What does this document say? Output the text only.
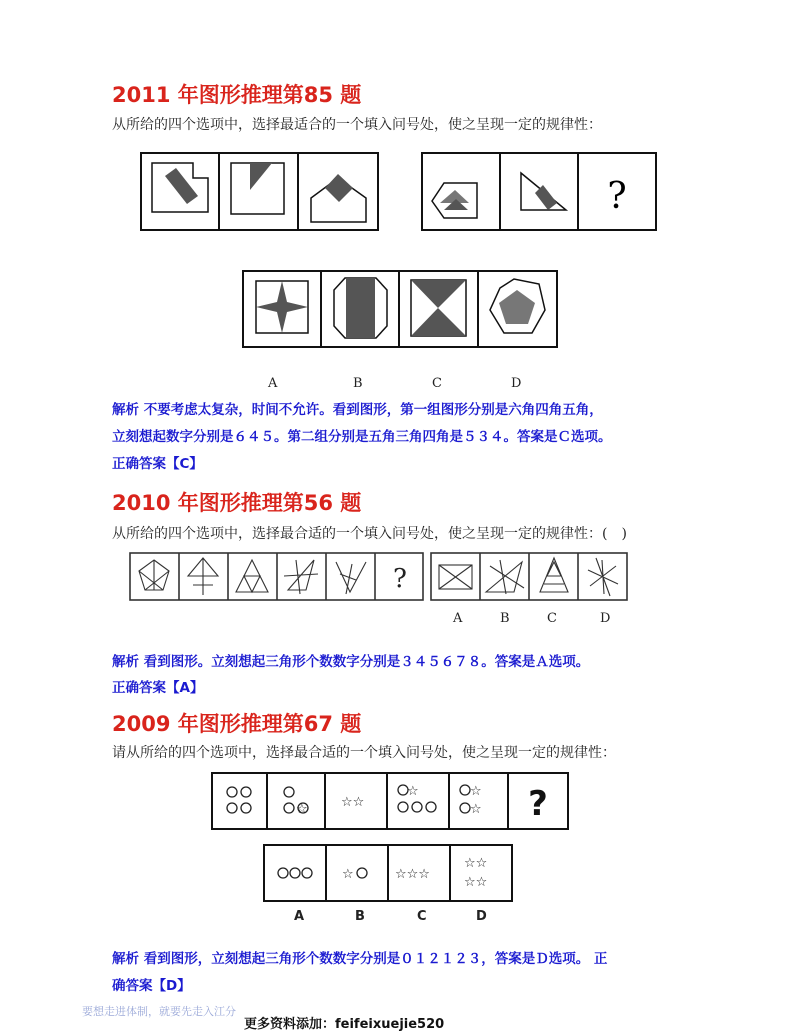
2011 年图形推理第85 题
从所给的四个选项中，选择最适合的一个填入问号处，使之呈现一定的规律性：
?
A	B	C	D
解析 不要考虑太复杂，时间不允许。看到图形，第一组图形分别是六角四角五角，
立刻想起数字分别是６４５。第二组分别是五角三角四角是５３４。答案是Ｃ选项。
正确答案【C】
2010 年图形推理第56 题
从所给的四个选项中，选择最合适的一个填入问号处，使之呈现一定的规律性：(　)
?
A	B	C	D
解析 看到图形。立刻想起三角形个数数字分别是３４５６７８。答案是Ａ选项。
正确答案【A】
2009 年图形推理第67 题
请从所给的四个选项中，选择最合适的一个填入问号处，使之呈现一定的规律性：
?
☆	☆☆
☆	☆
☆
☆	☆☆☆
☆☆
☆☆
A	B	C	D
解析 看到图形，立刻想起三角形个数数字分别是０１２１２３，答案是Ｄ选项。 正
确答案【D】
要想走进体制，就要先走入江分
更多资料添加：feifeixuejie520
